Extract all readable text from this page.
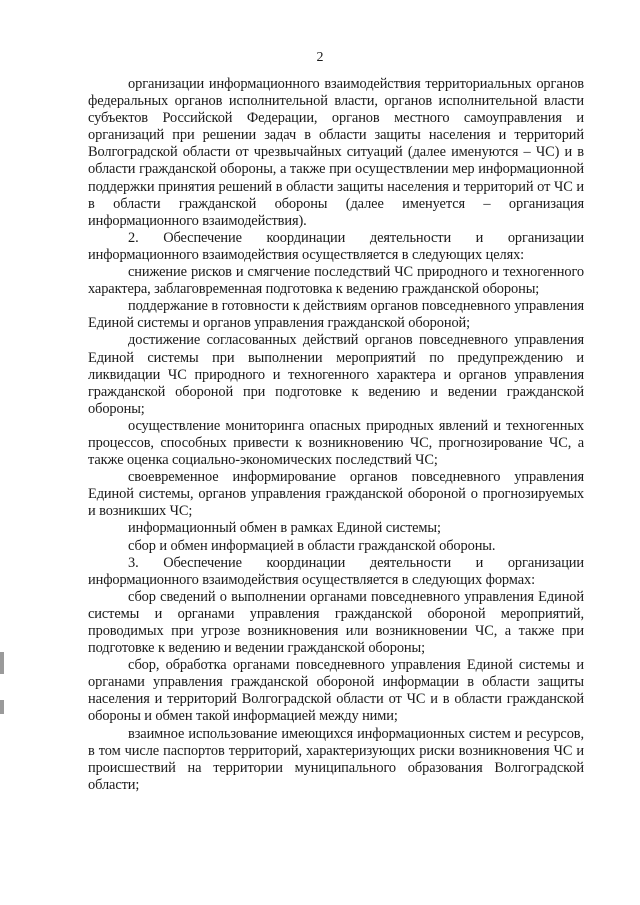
2

организации информационного взаимодействия территориальных органов федеральных органов исполнительной власти, органов исполнительной власти субъектов Российской Федерации, органов местного самоуправления и организаций при решении задач в области защиты населения и территорий Волгоградской области от чрезвычайных ситуаций (далее именуются – ЧС) и в области гражданской обороны, а также при осуществлении мер информационной поддержки принятия решений в области защиты населения и территорий от ЧС и в области гражданской обороны (далее именуется – организация информационного взаимодействия).

2. Обеспечение координации деятельности и организации информационного взаимодействия осуществляется в следующих целях:

снижение рисков и смягчение последствий ЧС природного и техногенного характера, заблаговременная подготовка к ведению гражданской обороны;

поддержание в готовности к действиям органов повседневного управления Единой системы и органов управления гражданской обороной;

достижение согласованных действий органов повседневного управления Единой системы при выполнении мероприятий по предупреждению и ликвидации ЧС природного и техногенного характера и органов управления гражданской обороной при подготовке к ведению и ведении гражданской обороны;

осуществление мониторинга опасных природных явлений и техногенных процессов, способных привести к возникновению ЧС, прогнозирование ЧС, а также оценка социально-экономических последствий ЧС;

своевременное информирование органов повседневного управления Единой системы, органов управления гражданской обороной о прогнозируемых и возникших ЧС;

информационный обмен в рамках Единой системы;

сбор и обмен информацией в области гражданской обороны.

3. Обеспечение координации деятельности и организации информационного взаимодействия осуществляется в следующих формах:

сбор сведений о выполнении органами повседневного управления Единой системы и органами управления гражданской обороной мероприятий, проводимых при угрозе возникновения или возникновении ЧС, а также при подготовке к ведению и ведении гражданской обороны;

сбор, обработка органами повседневного управления Единой системы и органами управления гражданской обороной информации в области защиты населения и территорий Волгоградской области от ЧС и в области гражданской обороны и обмен такой информацией между ними;

взаимное использование имеющихся информационных систем и ресурсов, в том числе паспортов территорий, характеризующих риски возникновения ЧС и происшествий на территории муниципального образования Волгоградской области;
